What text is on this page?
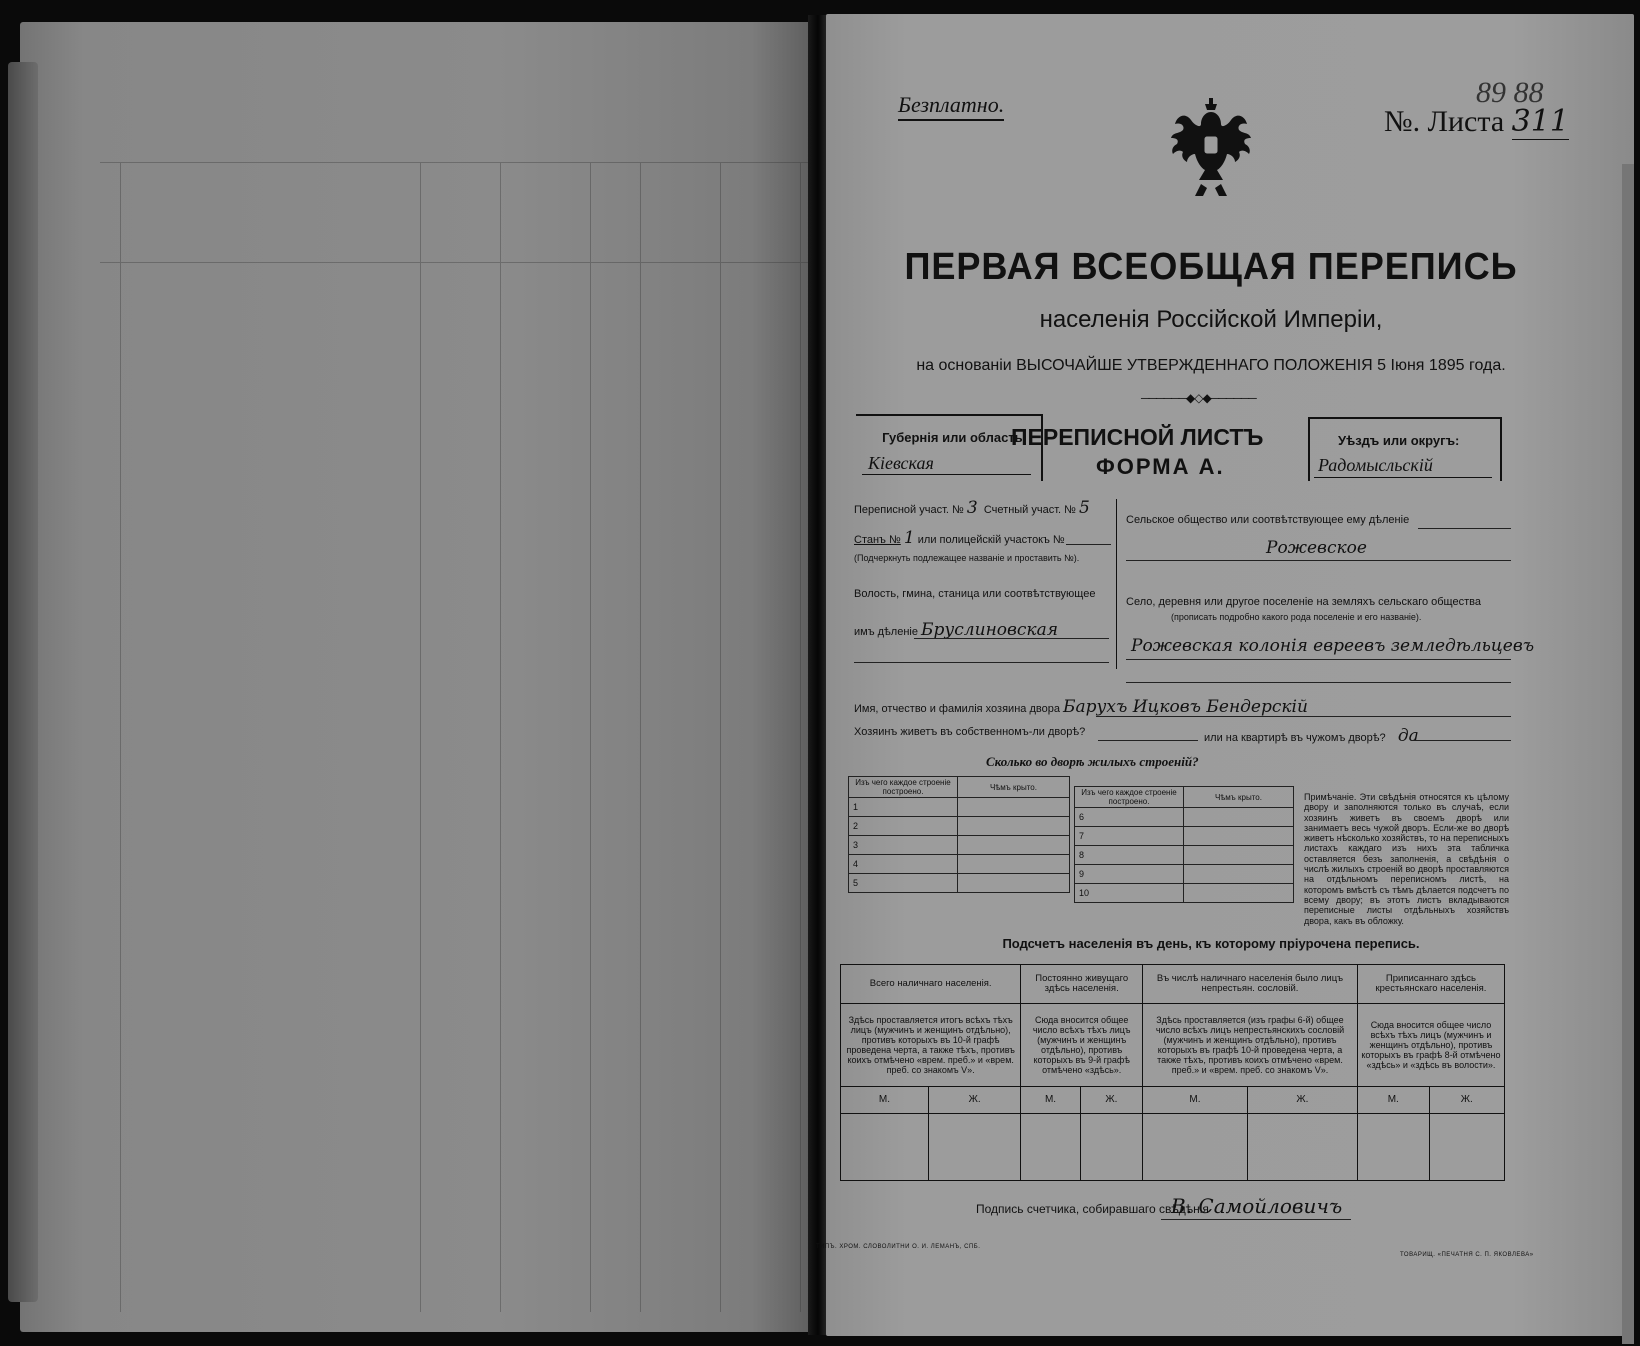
Безплатно.	89 88
№. Листа 311
ПЕРВАЯ ВСЕОБЩАЯ ПЕРЕПИСЬ
населенія Россійской Имперіи,
на основаніи ВЫСОЧАЙШЕ УТВЕРЖДЕННАГО ПОЛОЖЕНІЯ 5 Іюня 1895 года.
──────◆◇◆──────
Губернія или область:
Кіевская
ПЕРЕПИСНОЙ ЛИСТЪ
ФОРМА А.
Уѣздъ или округъ:
Радомысльскій
Переписной участ. № 3 Счетный участ. № 5
Станъ № 1 или полицейскій участокъ №
(Подчеркнуть подлежащее названіе и проставить №).
Волость, гмина, станица или соотвѣтствующее
имъ дѣленіе Бруслиновская
Сельское общество или соотвѣтствующее ему дѣленіе
Рожевское
Село, деревня или другое поселеніе на земляхъ сельскаго общества
(прописать подробно какого рода поселеніе и его названіе).
Рожевская колонія евреевъ земледѣльцевъ
Имя, отчество и фамилія хозяина двора Барухъ Ицковъ Бендерскій
Хозяинъ живетъ въ собственномъ-ли дворѣ?	или на квартирѣ въ чужомъ дворѣ? да
Сколько во дворѣ жилыхъ строеній?
Изъ чего каждое строеніе построено.	Чѣмъ крыто.
1	
2	
3	
4	
5	
Изъ чего каждое строеніе построено.	Чѣмъ крыто.
6	
7	
8	
9	
10	
Примѣчаніе. Эти свѣдѣнія относятся къ цѣлому двору и заполняются только въ случаѣ, если хозяинъ живетъ въ своемъ дворѣ или занимаетъ весь чужой дворъ. Если-же во дворѣ живетъ нѣсколько хозяйствъ, то на переписныхъ листахъ каждаго изъ нихъ эта табличка оставляется безъ заполненія, а свѣдѣнія о числѣ жилыхъ строеній во дворѣ проставляются на отдѣльномъ переписномъ листѣ, на которомъ вмѣстѣ съ тѣмъ дѣлается подсчетъ по всему двору; въ этотъ листъ вкладываются переписные листы отдѣльныхъ хозяйствъ двора, какъ въ обложку.
Подсчетъ населенія въ день, къ которому пріурочена перепись.
Всего наличнаго населенія.		Постоянно живущаго здѣсь населенія.		Въ числѣ наличнаго населенія было лицъ непрестьян. сословій.		Приписаннаго здѣсь крестьянскаго населенія.	
Здѣсь проставляется итогъ всѣхъ тѣхъ лицъ (мужчинъ и женщинъ отдѣльно), противъ которыхъ въ 10-й графѣ проведена черта, а также тѣхъ, противъ коихъ отмѣчено «врем. преб.» и «врем. преб. со знакомъ V».		Сюда вносится общее число всѣхъ тѣхъ лицъ (мужчинъ и женщинъ отдѣльно), противъ которыхъ въ 9-й графѣ отмѣчено «здѣсь».		Здѣсь проставляется (изъ графы 6-й) общее число всѣхъ лицъ непрестьянскихъ сословій (мужчинъ и женщинъ отдѣльно), противъ которыхъ въ графѣ 10-й проведена черта, а также тѣхъ, противъ коихъ отмѣчено «врем. преб.» и «врем. преб. со знакомъ V».		Сюда вносится общее число всѣхъ тѣхъ лицъ (мужчинъ и женщинъ отдѣльно), противъ которыхъ въ графѣ 8-й отмѣчено «здѣсь» и «здѣсь въ волости».	
М.	Ж.	М.	Ж.	М.	Ж.	М.	Ж.

Подпись счетчика, собиравшаго свѣдѣнія
В. Самойловичъ
ТИПЪ. ХРОМ. СЛОВОЛИТНИ О. И. ЛЕМАНЪ, СПБ.
ТОВАРИЩ. «ПЕЧАТНЯ С. П. ЯКОВЛЕВА»
